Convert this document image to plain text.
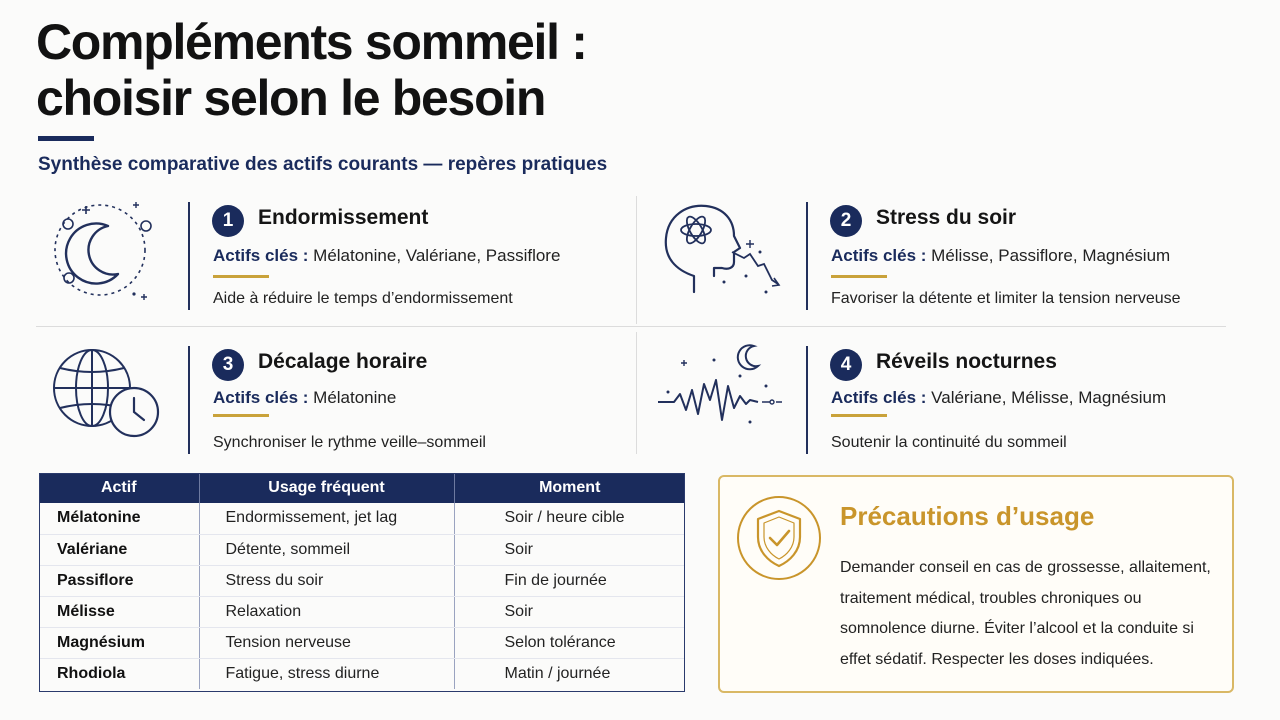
Compléments sommeil :
choisir selon le besoin
Synthèse comparative des actifs courants — repères pratiques
1	Endormissement
Actifs clés : Mélatonine, Valériane, Passiflore
Aide à réduire le temps d’endormissement
2	Stress du soir
Actifs clés : Mélisse, Passiflore, Magnésium
Favoriser la détente et limiter la tension nerveuse
3	Décalage horaire
Actifs clés : Mélatonine
Synchroniser le rythme veille–sommeil
4	Réveils nocturnes
Actifs clés : Valériane, Mélisse, Magnésium
Soutenir la continuité du sommeil
Actif	Usage fréquent	Moment
Mélatonine	Endormissement, jet lag	Soir / heure cible
Valériane	Détente, sommeil	Soir
Passiflore	Stress du soir	Fin de journée
Mélisse	Relaxation	Soir
Magnésium	Tension nerveuse	Selon tolérance
Rhodiola	Fatigue, stress diurne	Matin / journée
Précautions d’usage
Demander conseil en cas de grossesse, allaitement, traitement médical, troubles chroniques ou somnolence diurne. Éviter l’alcool et la conduite si effet sédatif. Respecter les doses indiquées.
